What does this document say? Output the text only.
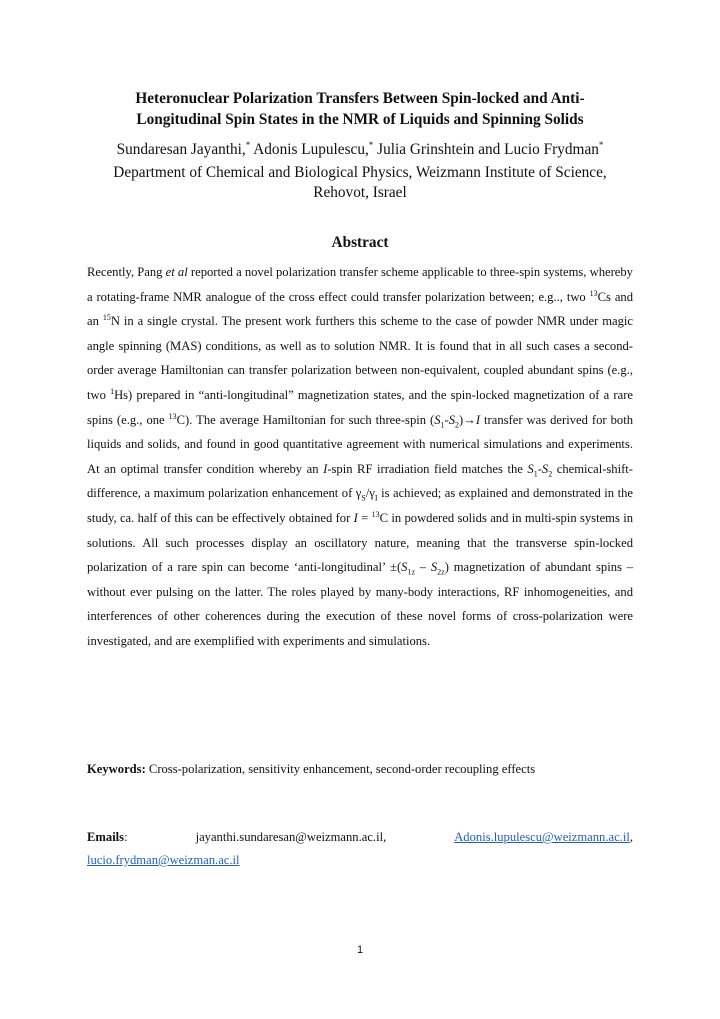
Heteronuclear Polarization Transfers Between Spin-locked and Anti-
Longitudinal Spin States in the NMR of Liquids and Spinning Solids

Sundaresan Jayanthi,* Adonis Lupulescu,* Julia Grinshtein and Lucio Frydman*

Department of Chemical and Biological Physics, Weizmann Institute of Science,
Rehovot, Israel

Abstract

Recently, Pang et al reported a novel polarization transfer scheme applicable to three-spin systems, whereby a rotating-frame NMR analogue of the cross effect could transfer polarization between; e.g.., two $^{13}$Cs and an $^{15}$N in a single crystal. The present work furthers this scheme to the case of powder NMR under magic angle spinning (MAS) conditions, as well as to solution NMR. It is found that in all such cases a second-order average Hamiltonian can transfer polarization between non-equivalent, coupled abundant spins (e.g., two $^1$Hs) prepared in “anti-longitudinal” magnetization states, and the spin-locked magnetization of a rare spins (e.g., one $^{13}$C). The average Hamiltonian for such three-spin $(S_1-S_2)\to I$ transfer was derived for both liquids and solids, and found in good quantitative agreement with numerical simulations and experiments. At an optimal transfer condition whereby an I-spin RF irradiation field matches the $S_1-S_2$ chemical-shift-difference, a maximum polarization enhancement of $\gamma_S/\gamma_I$ is achieved; as explained and demonstrated in the study, ca. half of this can be effectively obtained for I = $^{13}$C in powdered solids and in multi-spin systems in solutions. All such processes display an oscillatory nature, meaning that the transverse spin-locked polarization of a rare spin can become ‘anti-longitudinal’ $\pm(S_{1z} - S_{2z})$ magnetization of abundant spins –without ever pulsing on the latter. The roles played by many-body interactions, RF inhomogeneities, and interferences of other coherences during the execution of these novel forms of cross-polarization were investigated, and are exemplified with experiments and simulations.

Keywords: Cross-polarization, sensitivity enhancement, second-order recoupling effects

Emails:	jayanthi.sundaresan@weizmann.ac.il,	Adonis.lupulescu@weizmann.ac.il,
lucio.frydman@weizman.ac.il
1
